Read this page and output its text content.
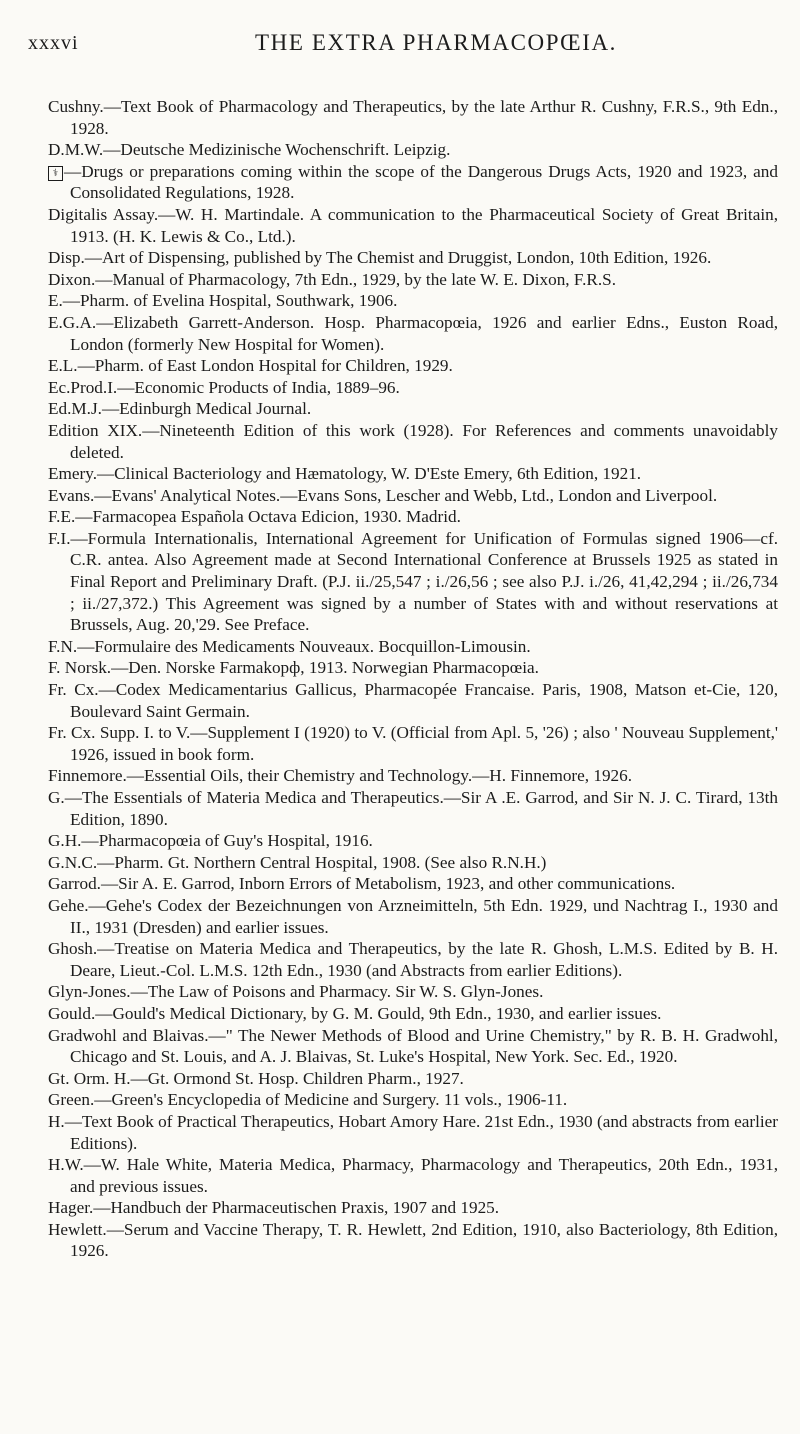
xxxvi	THE EXTRA PHARMACOPŒIA.

Cushny.—Text Book of Pharmacology and Therapeutics, by the late Arthur R. Cushny, F.R.S., 9th Edn., 1928.

D.M.W.—Deutsche Medizinische Wochenschrift. Leipzig.

⚕ —Drugs or preparations coming within the scope of the Dangerous Drugs Acts, 1920 and 1923, and Consolidated Regulations, 1928.

Digitalis Assay.—W. H. Martindale. A communication to the Pharmaceutical Society of Great Britain, 1913. (H. K. Lewis & Co., Ltd.).

Disp.—Art of Dispensing, published by The Chemist and Druggist, London, 10th Edition, 1926.

Dixon.—Manual of Pharmacology, 7th Edn., 1929, by the late W. E. Dixon, F.R.S.

E.—Pharm. of Evelina Hospital, Southwark, 1906.

E.G.A.—Elizabeth Garrett-Anderson. Hosp. Pharmacopœia, 1926 and earlier Edns., Euston Road, London (formerly New Hospital for Women).

E.L.—Pharm. of East London Hospital for Children, 1929.

Ec.Prod.I.—Economic Products of India, 1889–96.

Ed.M.J.—Edinburgh Medical Journal.

Edition XIX.—Nineteenth Edition of this work (1928). For References and comments unavoidably deleted.

Emery.—Clinical Bacteriology and Hæmatology, W. D'Este Emery, 6th Edition, 1921.

Evans.—Evans' Analytical Notes.—Evans Sons, Lescher and Webb, Ltd., London and Liverpool.

F.E.—Farmacopea Española Octava Edicion, 1930. Madrid.

F.I.—Formula Internationalis, International Agreement for Unification of Formulas signed 1906—cf. C.R. antea. Also Agreement made at Second International Conference at Brussels 1925 as stated in Final Report and Preliminary Draft. (P.J. ii./25,547 ; i./26,56 ; see also P.J. i./26, 41,42,294 ; ii./26,734 ; ii./27,372.) This Agreement was signed by a number of States with and without reservations at Brussels, Aug. 20,'29. See Preface.

F.N.—Formulaire des Medicaments Nouveaux. Bocquillon-Limousin.

F. Norsk.—Den. Norske Farmakopф, 1913. Norwegian Pharmacopœia.

Fr. Cx.—Codex Medicamentarius Gallicus, Pharmacopée Francaise. Paris, 1908, Matson et-Cie, 120, Boulevard Saint Germain.

Fr. Cx. Supp. I. to V.—Supplement I (1920) to V. (Official from Apl. 5, '26) ; also ' Nouveau Supplement,' 1926, issued in book form.

Finnemore.—Essential Oils, their Chemistry and Technology.—H. Finnemore, 1926.

G.—The Essentials of Materia Medica and Therapeutics.—Sir A .E. Garrod, and Sir N. J. C. Tirard, 13th Edition, 1890.

G.H.—Pharmacopœia of Guy's Hospital, 1916.

G.N.C.—Pharm. Gt. Northern Central Hospital, 1908. (See also R.N.H.)

Garrod.—Sir A. E. Garrod, Inborn Errors of Metabolism, 1923, and other communications.

Gehe.—Gehe's Codex der Bezeichnungen von Arzneimitteln, 5th Edn. 1929, und Nachtrag I., 1930 and II., 1931 (Dresden) and earlier issues.

Ghosh.—Treatise on Materia Medica and Therapeutics, by the late R. Ghosh, L.M.S. Edited by B. H. Deare, Lieut.-Col. L.M.S. 12th Edn., 1930 (and Abstracts from earlier Editions).

Glyn-Jones.—The Law of Poisons and Pharmacy. Sir W. S. Glyn-Jones.

Gould.—Gould's Medical Dictionary, by G. M. Gould, 9th Edn., 1930, and earlier issues.

Gradwohl and Blaivas.—" The Newer Methods of Blood and Urine Chemistry," by R. B. H. Gradwohl, Chicago and St. Louis, and A. J. Blaivas, St. Luke's Hospital, New York. Sec. Ed., 1920.

Gt. Orm. H.—Gt. Ormond St. Hosp. Children Pharm., 1927.

Green.—Green's Encyclopedia of Medicine and Surgery. 11 vols., 1906-11.

H.—Text Book of Practical Therapeutics, Hobart Amory Hare. 21st Edn., 1930 (and abstracts from earlier Editions).

H.W.—W. Hale White, Materia Medica, Pharmacy, Pharmacology and Therapeutics, 20th Edn., 1931, and previous issues.

Hager.—Handbuch der Pharmaceutischen Praxis, 1907 and 1925.

Hewlett.—Serum and Vaccine Therapy, T. R. Hewlett, 2nd Edition, 1910, also Bacteriology, 8th Edition, 1926.
